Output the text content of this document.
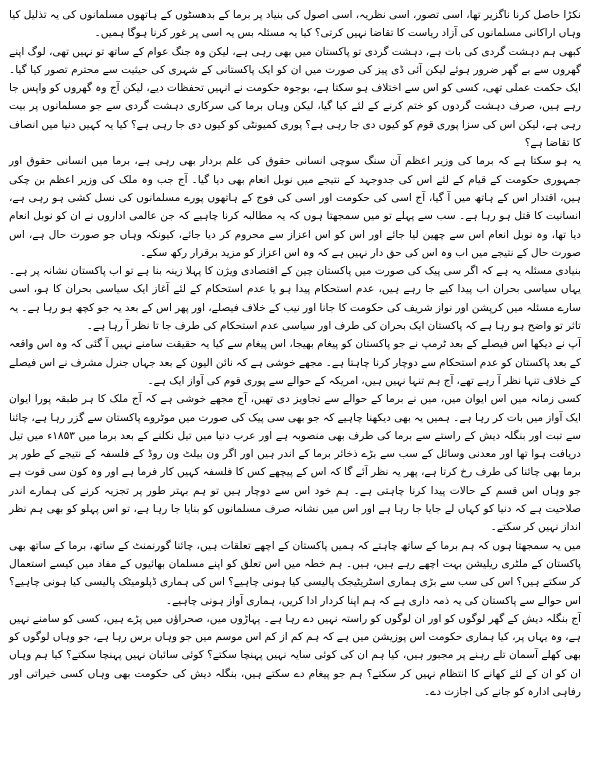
نکڑا حاصل کرنا ناگزیر تھا، اسی تصور، اسی نظریہ، اسی اصول کی بنیاد پر برما کے بدھسٹوں کے ہاتھوں مسلمانوں کی یہ تذلیل کیا وہاں اراکانی مسلمانوں کی آزاد ریاست کا تقاضا نہیں کرتی؟ کیا یہ مسئلہ بس یہ اسی پر غور کرنا ہوگا ہمیں۔

کبھی ہم دہشت گردی کی بات ہے، دہشت گردی تو پاکستان میں بھی رہی ہے، لیکن وہ جنگ عوام کے ساتھ تو نہیں تھی، لوگ اپنے گھروں سے بے گھر ضرور ہوئے لیکن آئی ڈی پیز کی صورت میں ان کو ایک پاکستانی کے شہری کی حیثیت سے محترم تصور کیا گیا۔ ایک حکمت عملی تھی، کسی کو اس سے اختلاف ہو سکتا ہے، بوجوہ حکومت نے انہیں تحفظات دیے، لیکن آج وہ گھروں کو واپس جا رہے ہیں، صرف دہشت گردوں کو ختم کرنے کے لئے کیا گیا، لیکن وہاں برما کی سرکاری دہشت گردی سے جو مسلمانوں پر بیت رہی ہے، لیکن اس کی سزا پوری قوم کو کیوں دی جا رہی ہے؟ پوری کمیونٹی کو کیوں دی جا رہی ہے؟ کیا یہ کہیں دنیا میں انصاف کا تقاضا ہے؟

یہ ہو سکتا ہے کہ برما کی وزیر اعظم آن سنگ سوچی انسانی حقوق کی علم بردار بھی رہی ہے، برما میں انسانی حقوق اور جمہوری حکومت کے قیام کے لئے اس کی جدوجہد کے نتیجے میں نوبل انعام بھی دیا گیا۔ آج جب وہ ملک کی وزیر اعظم بن چکی ہیں، اقتدار اس کے ہاتھ میں آ گیا، آج اسی کی حکومت اور اسی کی فوج کے ہاتھوں پورے مسلمانوں کی نسل کشی ہو رہی ہے، انسانیت کا قتل ہو رہا ہے۔ سب سے پہلے تو میں سمجھتا ہوں کہ یہ مطالبہ کرنا چاہیے کہ جن عالمی اداروں نے ان کو نوبل انعام دیا تھا، وہ نوبل انعام اس سے چھین لیا جائے اور اس کو اس اعزاز سے محروم کر دیا جائے، کیونکہ وہاں جو صورت حال ہے، اس صورت حال کے نتیجے میں اب وہ اس کی حق دار نہیں ہے کہ وہ اس اعزاز کو مزید برقرار رکھ سکے۔

بنیادی مسئلہ یہ ہے کہ اگر سی پیک کی صورت میں پاکستان چین کے اقتصادی ویژن کا پہلا زینہ بنا ہے تو اب پاکستان نشانہ پر ہے۔ یہاں سیاسی بحران اب پیدا کیے جا رہے ہیں، عدم استحکام پیدا ہو یا عدم استحکام کے لئے آغاز ایک سیاسی بحران کا ہو، اسی سارے مسئلہ میں کرپشن اور نواز شریف کی حکومت کا جانا اور نیب کے خلاف فیصلے، اور پھر اس کے بعد یہ جو کچھ ہو رہا ہے۔ یہ تاثر تو واضح ہو رہا ہے کہ پاکستان ایک بحران کی طرف اور سیاسی عدم استحکام کی طرف جا تا نظر آ رہا ہے۔

آپ نے دیکھا اس فیصلے کے بعد ٹرمپ نے جو پاکستان کو پیغام بھیجا، اس پیغام سے کیا یہ حقیقت سامنے نہیں آ گئی کہ وہ اس واقعہ کے بعد پاکستان کو عدم استحکام سے دوچار کرنا چاہتا ہے۔ مجھے خوشی ہے کہ نائن الیون کے بعد جہاں جنرل مشرف نے اس فیصلے کے خلاف تنہا نظر آ رہے تھے، آج ہم تنہا نہیں ہیں، امریکہ کے حوالے سے پوری قوم کی آواز ایک ہے۔

کسی زمانہ میں اس ایوان میں، میں نے برما کے حوالے سے تجاویز دی تھیں، آج مجھے خوشی ہے کہ آج ملک کا ہر طبقہ پورا ایوان ایک آواز میں بات کر رہا ہے۔ ہمیں یہ بھی دیکھنا چاہیے کہ جو بھی سی پیک کی صورت میں موٹروے پاکستان سے گزر رہا ہے، چائنا سے تبت اور بنگلہ دیش کے راستے سے برما کی طرف بھی منصوبہ ہے اور عرب دنیا میں تیل نکلنے کے بعد برما میں ۱۸۵۳ء میں تیل دریافت ہوا تھا اور معدنی وسائل کے سب سے بڑے ذخائر برما کے اندر ہیں اور اگر ون بیلٹ ون روڈ کے فلسفہ کے نتیجے کے طور پر برما بھی چائنا کی طرف رخ کرتا ہے، پھر یہ نظر آئے گا کہ اس کے پیچھے کس کا فلسفہ کہیں کار فرما ہے اور وہ کون سی قوت ہے جو وہاں اس قسم کے حالات پیدا کرنا چاہتی ہے۔ ہم خود اس سے دوچار ہیں تو ہم بہتر طور پر تجزیہ کرنے کی ہمارے اندر صلاحیت ہے کہ دنیا کو کہاں لے جایا جا رہا ہے اور اس میں نشانہ صرف مسلمانوں کو بنایا جا رہا ہے، تو اس پہلو کو بھی ہم نظر انداز نہیں کر سکتے۔

میں یہ سمجھتا ہوں کہ ہم برما کے ساتھ چاہتے کہ ہمیں پاکستان کے اچھے تعلقات ہیں، چائنا گورنمنٹ کے ساتھ، برما کے ساتھ بھی پاکستان کے ملٹری ریلیشن بہت اچھے رہے ہیں، ہیں۔ ہم خطہ میں اس تعلق کو اپنے مسلمان بھائیوں کے مفاد میں کیسے استعمال کر سکتے ہیں؟ اس کی سب سے بڑی ہماری اسٹریٹیجک پالیسی کیا ہونی چاہیے؟ اس کی ہماری ڈپلومیٹک پالیسی کیا ہونی چاہیے؟ اس حوالے سے پاکستان کی یہ ذمہ داری ہے کہ ہم اپنا کردار ادا کریں، ہماری آواز ہونی چاہیے۔

آج بنگلہ دیش کے گھر لوگوں کو اور ان لوگوں کو راستہ نہیں دے رہا ہے۔ پہاڑوں میں، صحراؤں میں پڑے ہیں، کسی کو سامنے نہیں ہے، وہ یہاں پر، کیا ہماری حکومت اس پوزیشن میں ہے کہ ہم کم از کم اس موسم میں جو وہاں برس رہا ہے، جو وہاں لوگوں کو بھی کھلے آسمان تلے رہنے پر مجبور ہیں، کیا ہم ان کی کوئی سایہ نہیں پہنچا سکتے؟ کوئی سائبان نہیں پہنچا سکتے؟ کیا ہم وہاں ان کو ان کے لئے کھانے کا انتظام نہیں کر سکتے؟ ہم جو پیغام دے سکتے ہیں، بنگلہ دیش کی حکومت بھی وہاں کسی خیراتی اور رفاہی ادارہ کو جانے کی اجازت دے۔
